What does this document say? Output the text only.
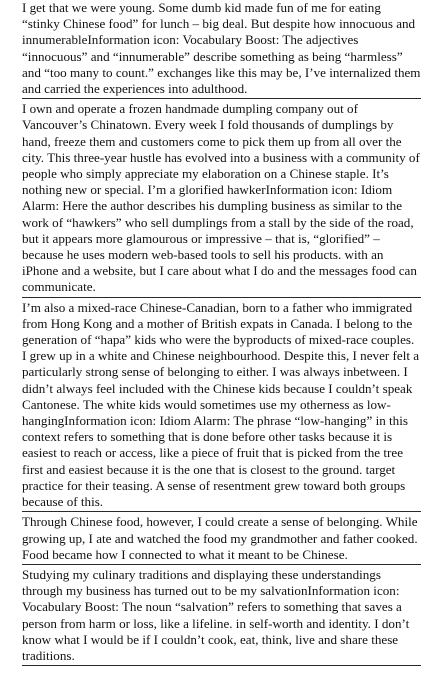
I get that we were young. Some dumb kid made fun of me for eating “stinky Chinese food” for lunch – big deal. But despite how innocuous and innumerableInformation icon: Vocabulary Boost: The adjectives “innocuous” and “innumerable” describe something as being “harmless” and “too many to count.” exchanges like this may be, I’ve internalized them and carried the experiences into adulthood.

I own and operate a frozen handmade dumpling company out of Vancouver’s Chinatown. Every week I fold thousands of dumplings by hand, freeze them and customers come to pick them up from all over the city. This three-year hustle has evolved into a business with a community of people who simply appreciate my elaboration on a Chinese staple. It’s nothing new or special. I’m a glorified hawkerInformation icon: Idiom Alarm: Here the author describes his dumpling business as similar to the work of “hawkers” who sell dumplings from a stall by the side of the road, but it appears more glamourous or impressive – that is, “glorified” – because he uses modern web-based tools to sell his products. with an iPhone and a website, but I care about what I do and the messages food can communicate.

I’m also a mixed-race Chinese-Canadian, born to a father who immigrated from Hong Kong and a mother of British expats in Canada. I belong to the generation of “hapa” kids who were the byproducts of mixed-race couples. I grew up in a white and Chinese neighbourhood. Despite this, I never felt a particularly strong sense of belonging to either. I was always inbetween. I didn’t always feel included with the Chinese kids because I couldn’t speak Cantonese. The white kids would sometimes use my otherness as low-hangingInformation icon: Idiom Alarm: The phrase “low-hanging” in this context refers to something that is done before other tasks because it is easiest to reach or access, like a piece of fruit that is picked from the tree first and easiest because it is the one that is closest to the ground. target practice for their teasing. A sense of resentment grew toward both groups because of this.

Through Chinese food, however, I could create a sense of belonging. While growing up, I ate and watched the food my grandmother and father cooked. Food became how I connected to what it meant to be Chinese.

Studying my culinary traditions and displaying these understandings through my business has turned out to be my salvationInformation icon: Vocabulary Boost: The noun “salvation” refers to something that saves a person from harm or loss, like a lifeline. in self-worth and identity. I don’t know what I would be if I couldn’t cook, eat, think, live and share these traditions.
